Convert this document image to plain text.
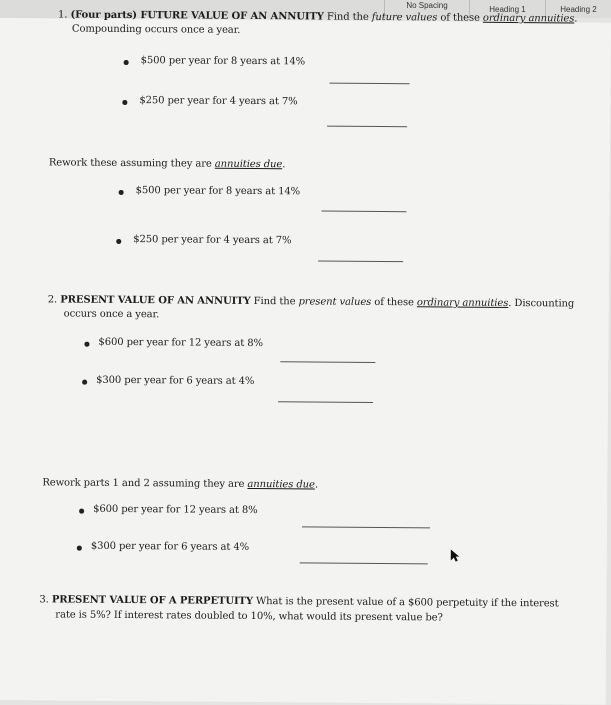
No Spacing	Heading 1	Heading 2
1. (Four parts) FUTURE VALUE OF AN ANNUITY Find the future values of these ordinary annuities.
Compounding occurs once a year.
$500 per year for 8 years at 14%
$250 per year for 4 years at 7%
Rework these assuming they are annuities due.
$500 per year for 8 years at 14%
$250 per year for 4 years at 7%
2. PRESENT VALUE OF AN ANNUITY Find the present values of these ordinary annuities. Discounting
occurs once a year.
$600 per year for 12 years at 8%
$300 per year for 6 years at 4%
Rework parts 1 and 2 assuming they are annuities due.
$600 per year for 12 years at 8%
$300 per year for 6 years at 4%
3. PRESENT VALUE OF A PERPETUITY What is the present value of a $600 perpetuity if the interest
rate is 5%? If interest rates doubled to 10%, what would its present value be?
